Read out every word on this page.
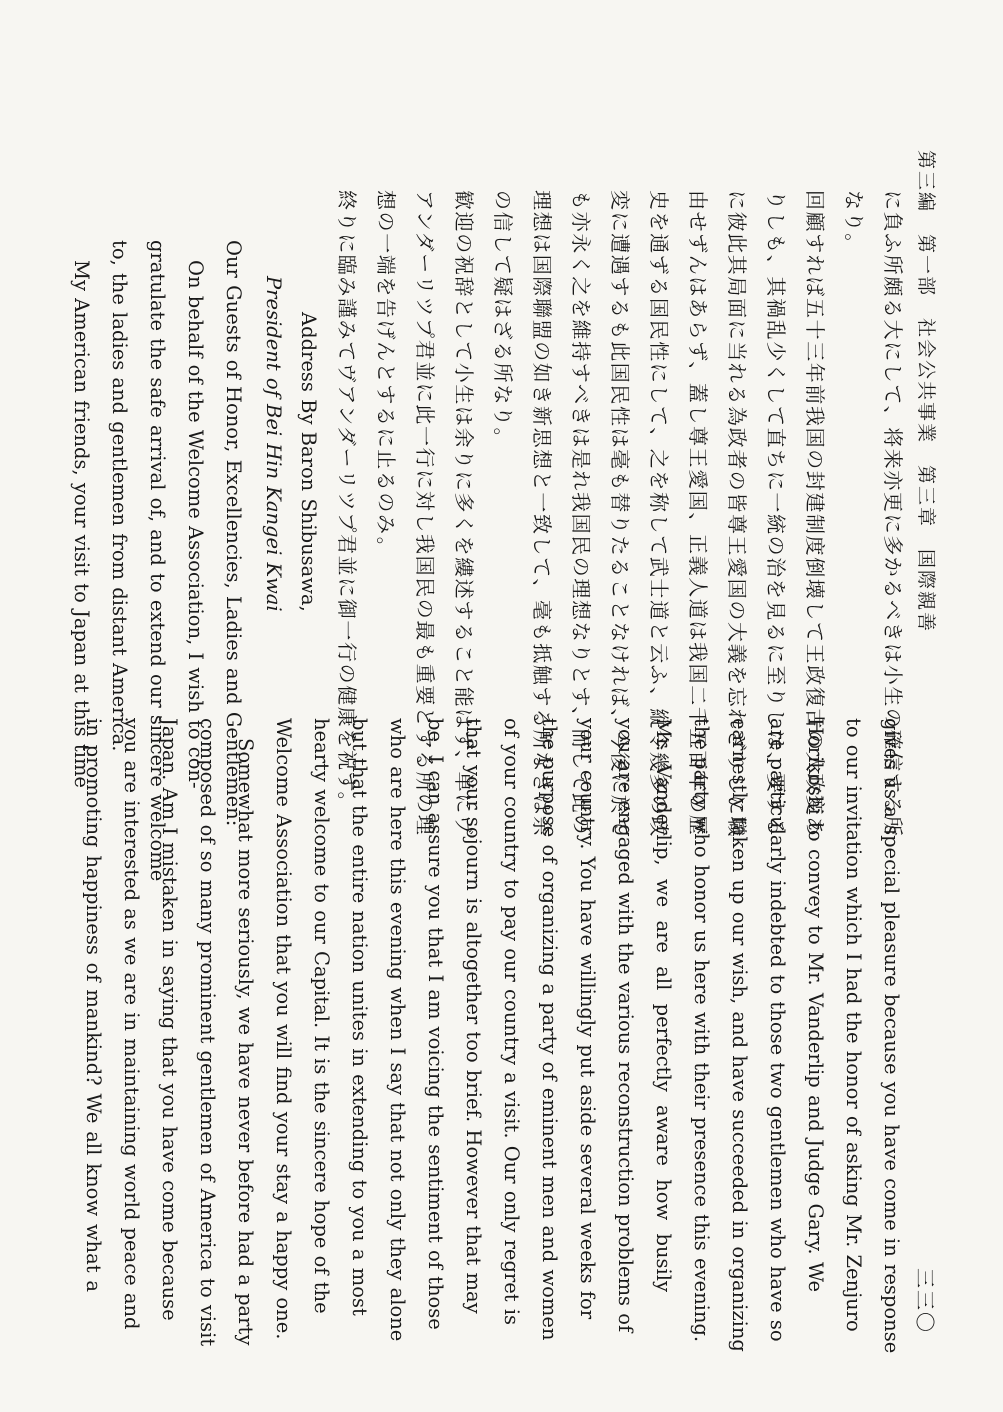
第三編　第一部　社会公共事業　第三章　国際親善
三三〇
に負ふ所頗る大にして、将来亦更に多かるべきは小生の確信する所
なり。
回顧すれば五十三年前我国の封建制度倒壊して王政復古の大政変あ
りしも、其禍乱少くして直ちに一統の治を見るに至りしは、要する
に彼此其局面に当れる為政者の皆尊王愛国の大義を忘れざりしに職
由せずんはあらず、蓋し尊王愛国、正義人道は我国二千五百年の歴
史を通ずる国民性にして、之を称して武士道と云ふ、縦令幾多の政
変に遭遇するも此国民性は毫も替りたることなければ、今後に於て
も亦永く之を維持すべきは是れ我国民の理想なりとす、而して此の
理想は国際聯盟の如き新思想と一致して、毫も抵触する所なきは余
の信して疑はざる所なり。
歓迎の祝辞として小生は余りに多くを縷述すること能はず、単にヴ
アンダーリツプ君並に此一行に対し我国民の最も重要とする所の理
想の一端を告げんとするに止るのみ。
終りに臨み謹みてヴアンダーリツプ君並に御一行の健康を祝す。
Address By Baron Shibusawa,
President of Bei Hin Kangei Kwai
Our Guests of Honor, Excellencies, Ladies and Gentlemen:
On behalf of the Welcome Association, I wish to con-
gratulate the safe arrival of, and to extend our sincere welcome
to, the ladies and gentlemen from distant America.
My American friends, your visit to Japan at this time
gives us a special pleasure because you have come in response
to our invitation which I had the honor of asking Mr. Zenjuro
Horikoshi to convey to Mr. Vanderlip and Judge Gary. We
are particularly indebted to those two gentlemen who have so
earnestly taken up our wish, and have succeeded in organizing
the party who honor us here with their presence this evening.
Mr. Vanderlip, we are all perfectly aware how busily
you are engaged with the various reconstruction problems of
your country. You have willingly put aside several weeks for
the purpose of organizing a party of eminent men and women
of your country to pay our country a visit. Our only regret is
that your sojourn is altogether too brief. However that may
be, I can assure you that I am voicing the sentiment of those
who are here this evening when I say that not only they alone
but that the entire nation unites in extending to you a most
hearty welcome to our Capital. It is the sincere hope of the
Welcome Association that you will find your stay a happy one.
Somewhat more seriously, we have never before had a party
composed of so many prominent gentlemen of America to visit
Japan. Am I mistaken in saying that you have come because
you are interested as we are in maintaining world peace and
in promoting happiness of mankind? We all know what a
